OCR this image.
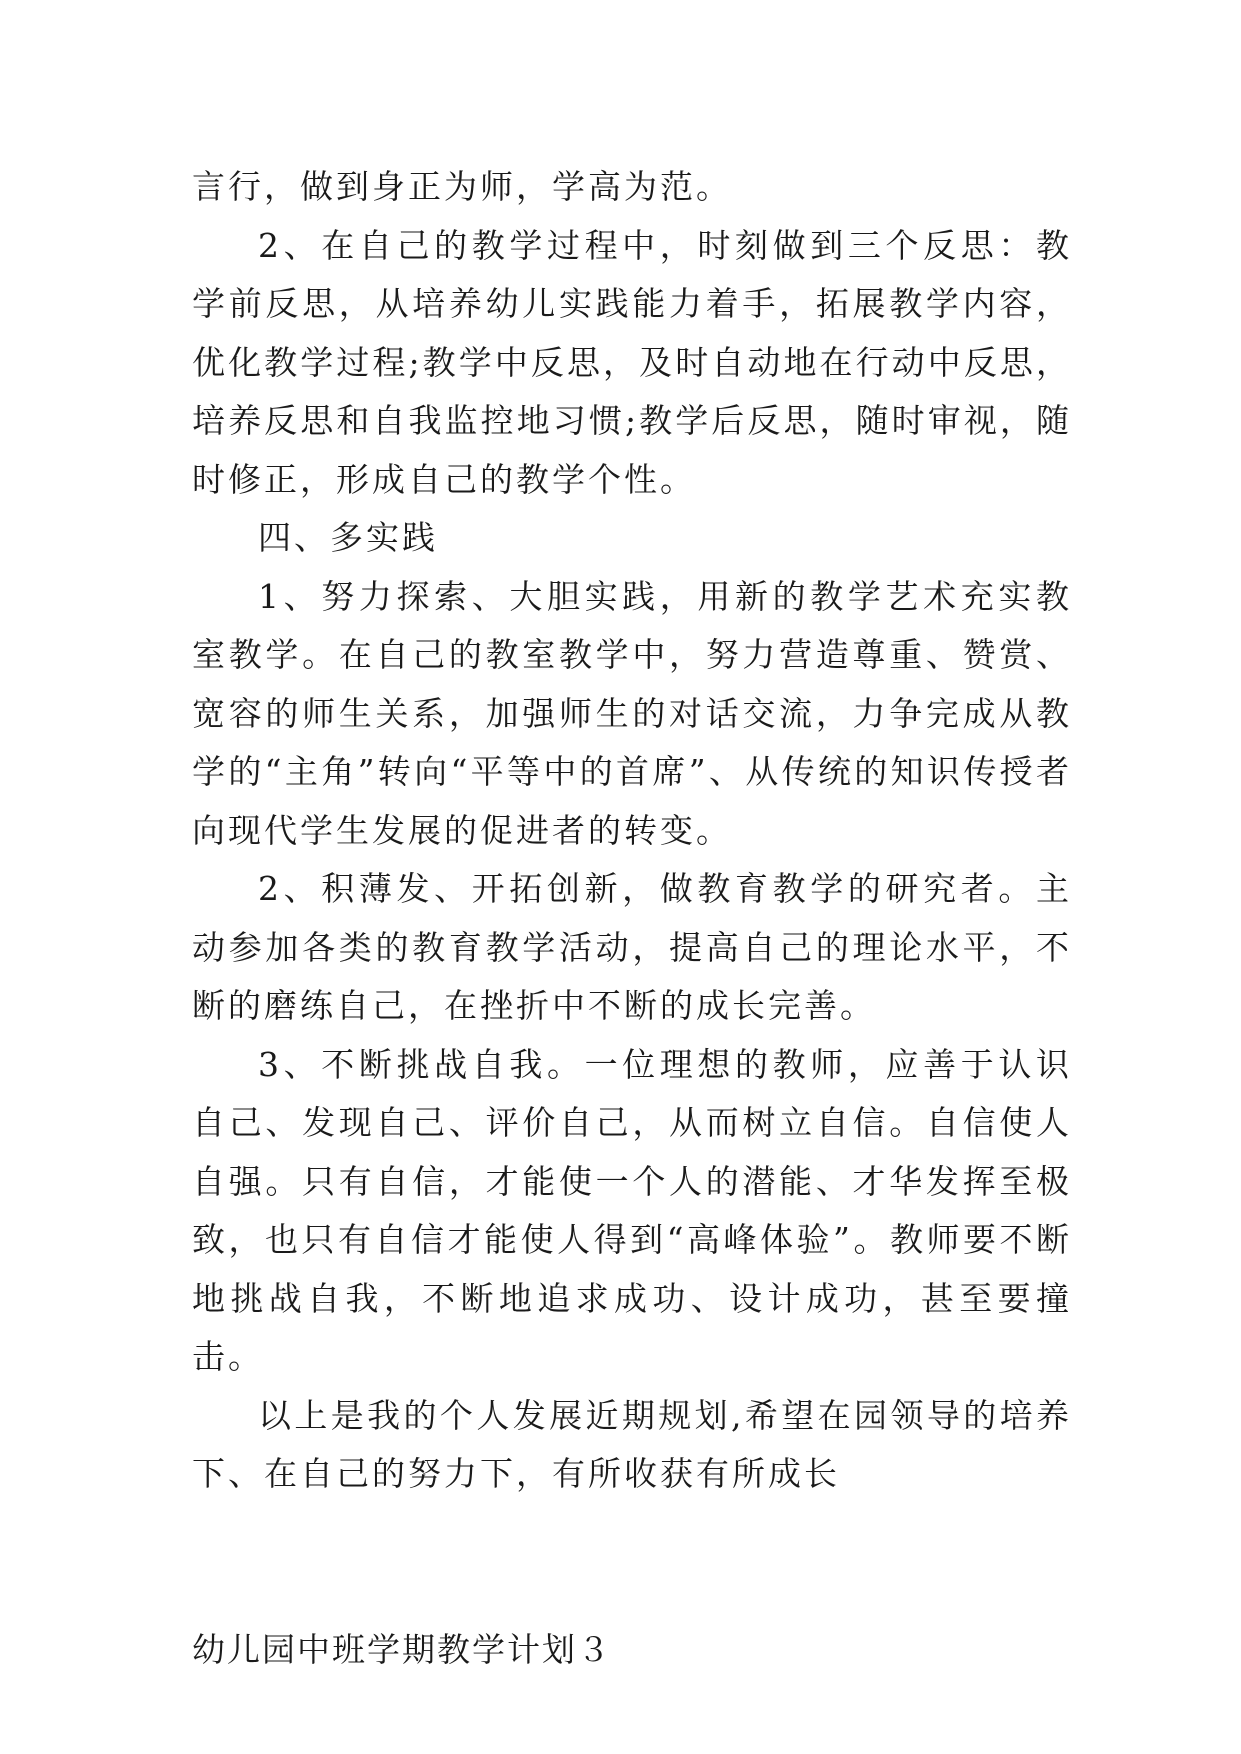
言行，做到身正为师，学高为范。

2、在自己的教学过程中，时刻做到三个反思：教学前反思，从培养幼儿实践能力着手，拓展教学内容，优化教学过程;教学中反思，及时自动地在行动中反思，培养反思和自我监控地习惯;教学后反思，随时审视，随时修正，形成自己的教学个性。

四、多实践

1、努力探索、大胆实践，用新的教学艺术充实教室教学。在自己的教室教学中，努力营造尊重、赞赏、宽容的师生关系，加强师生的对话交流，力争完成从教学的“主角”转向“平等中的首席”、从传统的知识传授者向现代学生发展的促进者的转变。

2、积薄发、开拓创新，做教育教学的研究者。主动参加各类的教育教学活动，提高自己的理论水平，不断的磨练自己，在挫折中不断的成长完善。

3、不断挑战自我。一位理想的教师，应善于认识自己、发现自己、评价自己，从而树立自信。自信使人自强。只有自信，才能使一个人的潜能、才华发挥至极致，也只有自信才能使人得到“高峰体验”。教师要不断地挑战自我，不断地追求成功、设计成功，甚至要撞击。

以上是我的个人发展近期规划,希望在园领导的培养下、在自己的努力下，有所收获有所成长

幼儿园中班学期教学计划３
